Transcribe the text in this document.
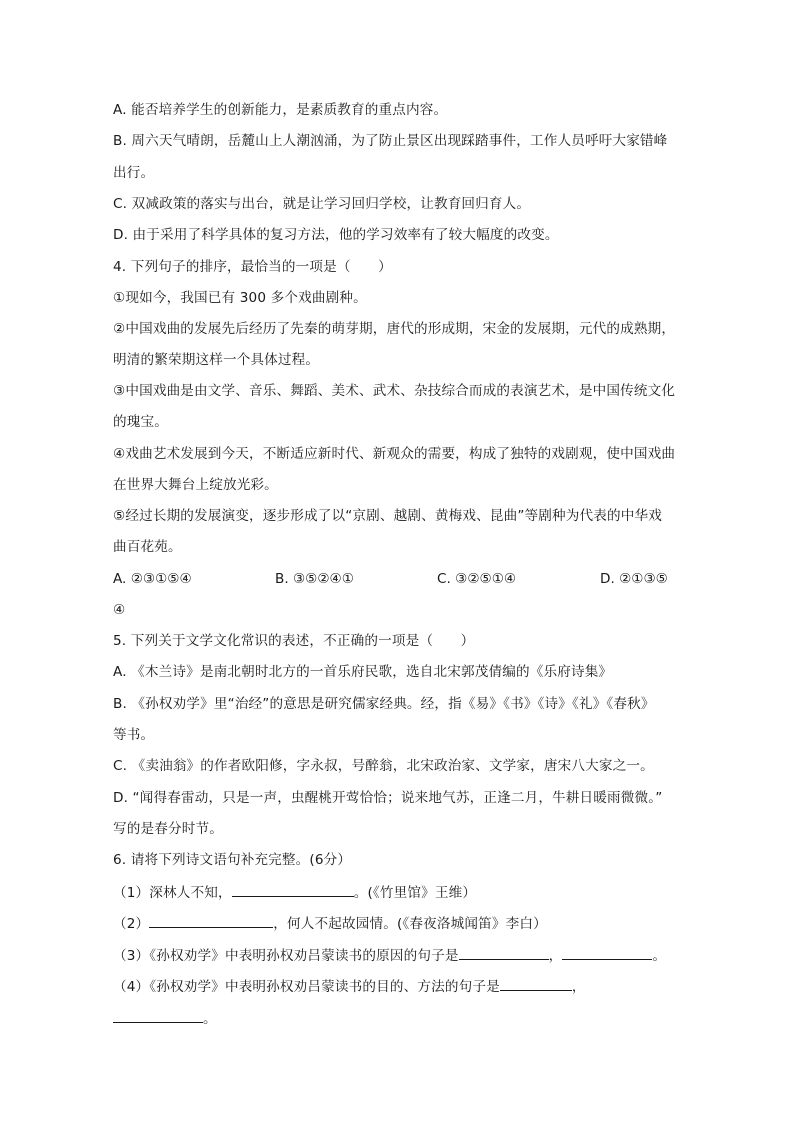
A. 能否培养学生的创新能力，是素质教育的重点内容。
B. 周六天气晴朗，岳麓山上人潮汹涌，为了防止景区出现踩踏事件，工作人员呼吁大家错峰
出行。
C. 双减政策的落实与出台，就是让学习回归学校，让教育回归育人。
D. 由于采用了科学具体的复习方法，他的学习效率有了较大幅度的改变。
4. 下列句子的排序，最恰当的一项是（　　）
①现如今，我国已有 300 多个戏曲剧种。
②中国戏曲的发展先后经历了先秦的萌芽期，唐代的形成期，宋金的发展期，元代的成熟期，
明清的繁荣期这样一个具体过程。
③中国戏曲是由文学、音乐、舞蹈、美术、武术、杂技综合而成的表演艺术，是中国传统文化
的瑰宝。
④戏曲艺术发展到今天，不断适应新时代、新观众的需要，构成了独特的戏剧观，使中国戏曲
在世界大舞台上绽放光彩。
⑤经过长期的发展演变，逐步形成了以“京剧、越剧、黄梅戏、昆曲”等剧种为代表的中华戏
曲百花苑。
A. ②③①⑤④	B. ③⑤②④①	C. ③②⑤①④	D. ②①③⑤
④
5. 下列关于文学文化常识的表述，不正确的一项是（　　）
A. 《木兰诗》是南北朝时北方的一首乐府民歌，选自北宋郭茂倩编的《乐府诗集》
B. 《孙权劝学》里“治经”的意思是研究儒家经典。经，指《易》《书》《诗》《礼》《春秋》
等书。
C. 《卖油翁》的作者欧阳修，字永叔，号醉翁，北宋政治家、文学家，唐宋八大家之一。
D. “闻得春雷动，只是一声，虫醒桃开莺恰恰；说来地气苏，正逢二月，牛耕日暖雨微微。”
写的是春分时节。
6. 请将下列诗文语句补充完整。(6分）
（1）深林人不知，	。(《竹里馆》王维）
（2）	，何人不起故园情。(《春夜洛城闻笛》李白）
（3）《孙权劝学》中表明孙权劝吕蒙读书的原因的句子是	，	。
（4）《孙权劝学》中表明孙权劝吕蒙读书的目的、方法的句子是	，
。
